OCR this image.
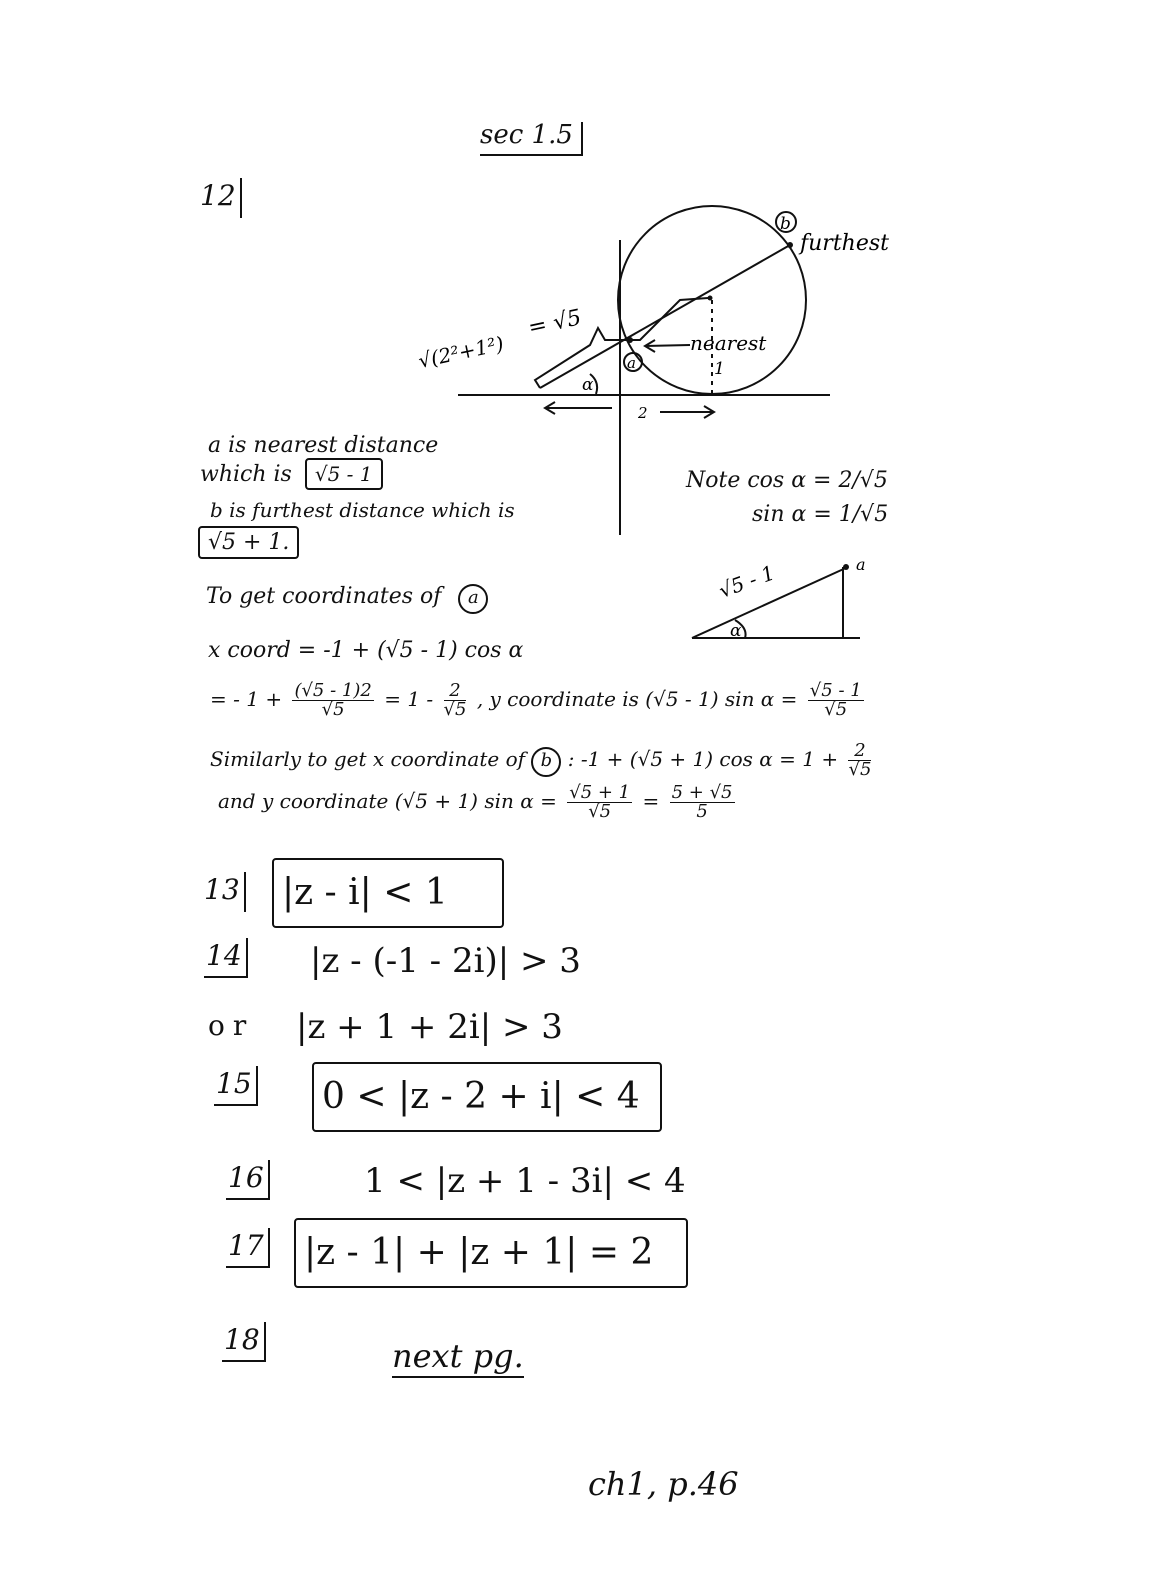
sec 1.5
12
b
furthest
a
nearest
1
2
α
√(2²+1²)
= √5
a
√5 - 1
α
a is nearest distance
which is √5 - 1
b is furthest distance which is
√5 + 1.
Note cos α = 2/√5
sin α = 1/√5
To get coordinates of a
x coord = -1 + (√5 - 1) cos α
= - $1 + \frac{(√5 - 1)2}{√5} = 1 - \frac{2}{√5}$ , y coordinate is (√5 - 1) $\sin \alpha = \frac{√5 - 1}{√5}$
Similarly to get x coordinate of b : -1 + (√5 + 1) $\cos \alpha = 1 + \frac{2}{√5}$
and y coordinate (√5 + 1) $\sin \alpha = \frac{√5 + 1}{√5} = \frac{5 + √5}{5}$
13 |z - i| < 1
14 |z - (-1 - 2i)| > 3
or |z + 1 + 2i| > 3
15 0 < |z - 2 + i| < 4
16	1 < |z + 1 - 3i| < 4
17 |z - 1| + |z + 1| = 2
18	next pg.
ch1, p.46
